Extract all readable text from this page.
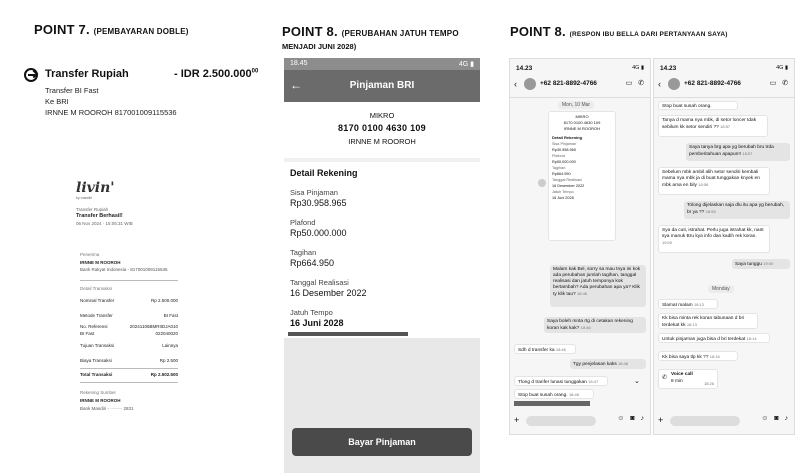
POINT 7. (PEMBAYARAN DOBLE)
Transfer Rupiah	- IDR 2.500.000$^{00}$
Transfer BI Fast
Ke BRI
IRNNE M ROOROH 817001009115536
livin'
by mandiri
Transfer Rupiah
Transfer Berhasil!
06 Nov 2024 · 15:05:31 WIB
Penerima
IRNNE M ROOROH
Bank Rakyat Indonesia - 817001009115536
Detail Transaksi
Nominal Transfer	Rp 2.500.000
Metode Transfer	BI Fast
No. Referensi	20241106BMRIIDJA010
BI Fast	022040020
Tujuan Transaksi	Lainnya
Biaya Transaksi	Rp 2.500
Total Transaksi	Rp 2.502.500
Rekening Sumber
IRNNE M ROOROH
Bank Mandiri - ········ 2831
POINT 8. (PERUBAHAN JATUH TEMPO
MENJADI JUNI 2028)
18.45	4G ▮
←	Pinjaman BRI
MIKRO
8170 0100 4630 109
IRNNE M ROOROH
Detail Rekening
Sisa Pinjaman
Rp30.958.965
Plafond
Rp50.000.000
Tagihan
Rp664.950
Tanggal Realisasi
16 Desember 2022
Jatuh Tempo
16 Juni 2028
Bayar Pinjaman
POINT 8. (RESPON IBU BELLA DARI PERTANYAAN SAYA)
14.23	4G ▮
‹	+62 821-8892-4766	▭ ✆
Mon, 10 Mar
MIKRO
8170 0100 4630 109
IRNNE M ROOROH
Detail Rekening
Sisa Pinjaman
Rp30.958.965
Plafond
Rp50.000.000
Tagihan
Rp664.950
Tanggal Realisasi
16 Desember 2022
Jatuh Tempo
16 Juni 2028
Malam kak Bel, sorry sa mau tnya ini kok ada perubahan jumlah tagihan, tanggal realisasi dan jatuh temponya kok bertambah? Ada perubahan apa ya? Klik ty klik tau? 18:45
Saya boleh mnta rtg di cetakan rekening koran kak kak? 18:46
Sdh d transfer ka 18:46
Tgy penjelasan kaks 18:46
Tlong d tranfer lunasi tunggakan 18:47	⌄
Stop buat susah orang. 18:48
+	☺ ◙ ♪
14.23	4G ▮
‹	+62 821-8892-4766	▭ ✆
Stop buat susah orang.
Tanya d mama nya mbk, di setor loncer tdak sebilum kk setor sendiri ?? 18:57
Saya tanya brg apa yg berubah bru trda pemberitahuan apapun!! 18:57
Sebelum mbk ambil alih setor sendiri kembali mama nya mbk ja di buat tunggakan knyek en mbk ama en bily 18:58
Tolong dijelaskan saja dlu itu apa yg berubah, br ya ?? 18:59
Sya da cuti, istrahat. Perlu juga istrahat kk, nant sya manuk Bru kya info dan kadih rek koran. 19:00
Saya tunggu 19:00
Monday
Slamat malam 18:13
Kk bisa minta rek koran tabunaan d bri terdekat kk 18:13
Untuk pinjaman juga bisa d bri terdekat 18:14
Kk bisa saya tlp kk ?? 18:16
✆
Voice call
8 min	18:26
+	☺ ◙ ♪
